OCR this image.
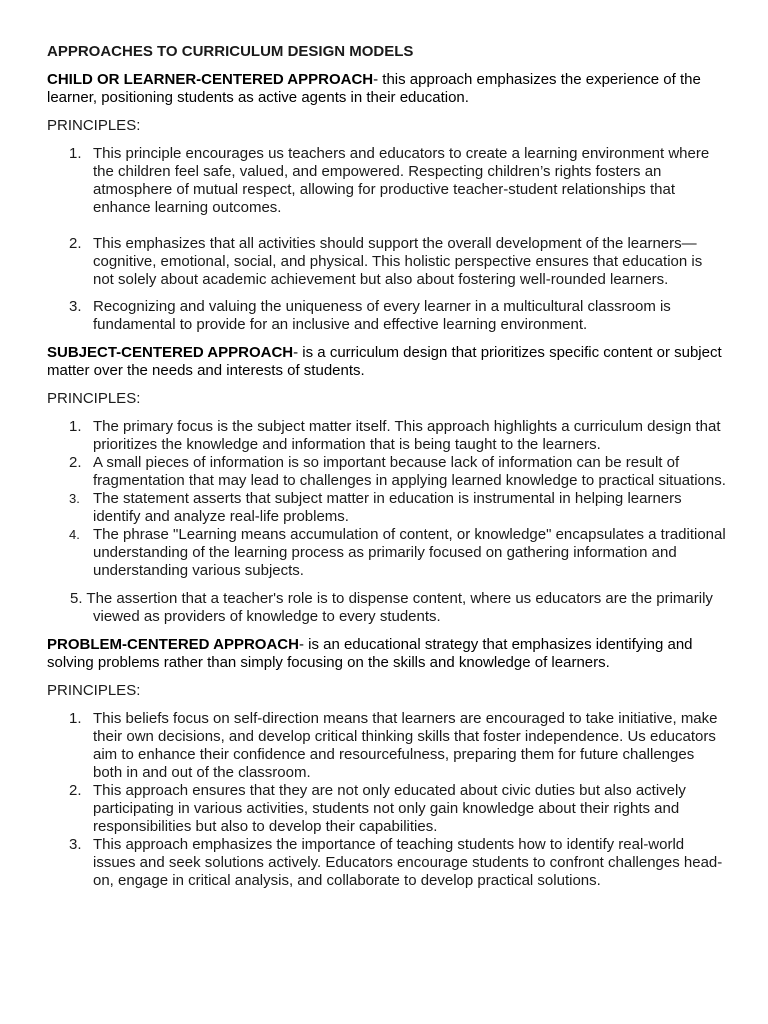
APPROACHES TO CURRICULUM DESIGN MODELS

CHILD OR LEARNER-CENTERED APPROACH- this approach emphasizes the experience of the learner, positioning students as active agents in their education.

PRINCIPLES:
1. This principle encourages us teachers and educators to create a learning environment where the children feel safe, valued, and empowered. Respecting children’s rights fosters an atmosphere of mutual respect, allowing for productive teacher-student relationships that enhance learning outcomes.
2. This emphasizes that all activities should support the overall development of the learners—cognitive, emotional, social, and physical. This holistic perspective ensures that education is not solely about academic achievement but also about fostering well-rounded learners.
3. Recognizing and valuing the uniqueness of every learner in a multicultural classroom is fundamental to provide for an inclusive and effective learning environment.

SUBJECT-CENTERED APPROACH- is a curriculum design that prioritizes specific content or subject matter over the needs and interests of students.

PRINCIPLES:
1. The primary focus is the subject matter itself. This approach highlights a curriculum design that prioritizes the knowledge and information that is being taught to the learners.
2. A small pieces of information is so important because lack of information can be result of fragmentation that may lead to challenges in applying learned knowledge to practical situations.
3. The statement asserts that subject matter in education is instrumental in helping learners identify and analyze real-life problems.
4. The phrase "Learning means accumulation of content, or knowledge" encapsulates a traditional understanding of the learning process as primarily focused on gathering information and understanding various subjects.

5. The assertion that a teacher's role is to dispense content, where us educators are the primarily viewed as providers of knowledge to every students.

PROBLEM-CENTERED APPROACH- is an educational strategy that emphasizes identifying and solving problems rather than simply focusing on the skills and knowledge of learners.

PRINCIPLES:
1. This beliefs focus on self-direction means that learners are encouraged to take initiative, make their own decisions, and develop critical thinking skills that foster independence. Us educators aim to enhance their confidence and resourcefulness, preparing them for future challenges both in and out of the classroom.
2. This approach ensures that they are not only educated about civic duties but also actively participating in various activities, students not only gain knowledge about their rights and responsibilities but also to develop their capabilities.
3. This approach emphasizes the importance of teaching students how to identify real-world issues and seek solutions actively. Educators encourage students to confront challenges head-on, engage in critical analysis, and collaborate to develop practical solutions.
